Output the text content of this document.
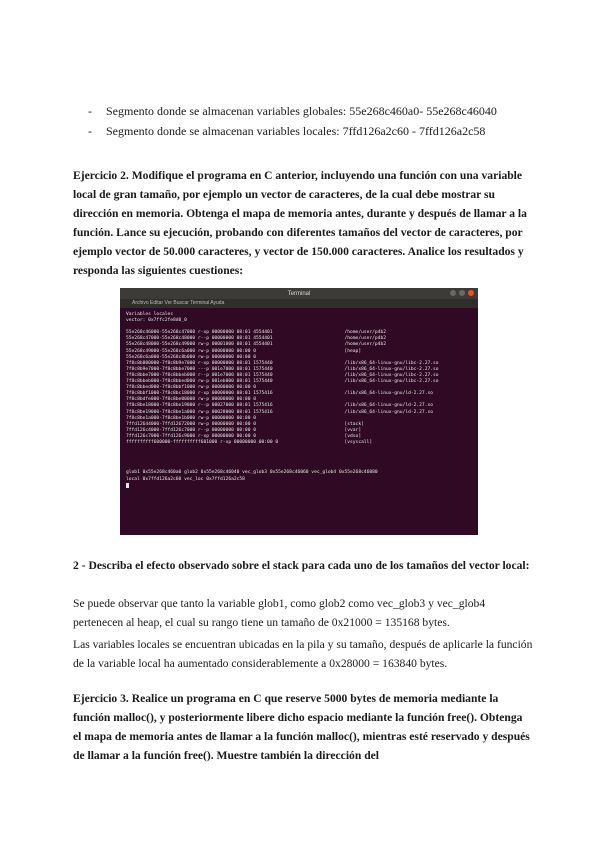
-	Segmento donde se almacenan variables globales: 55e268c460a0- 55e268c46040
-	Segmento donde se almacenan variables locales: 7ffd126a2c60 - 7ffd126a2c58
Ejercicio 2. Modifique el programa en C anterior, incluyendo una función con una variable local de gran tamaño, por ejemplo un vector de caracteres, de la cual debe mostrar su dirección en memoria. Obtenga el mapa de memoria antes, durante y después de llamar a la función. Lance su ejecución, probando con diferentes tamaños del vector de caracteres, por ejemplo vector de 50.000 caracteres, y vector de 150.000 caracteres. Analice los resultados y responda las siguientes cuestiones:
Terminal
Archivo Editar Ver Buscar Terminal Ayuda
Variables locales
vector: 0x7ffc2fe8d0_0

55e268c46000-55e268c47000 r-xp 00000000 08:01 4554401                          /home/user/p4b2
55e268c47000-55e268c48000 r--p 00000000 08:01 4554401                          /home/user/p4b2
55e268c48000-55e268c49000 rw-p 00001000 08:01 4554401                          /home/user/p4b2
55e268c49000-55e268c6a000 rw-p 00000000 00:00 0                                [heap]
55e268c6a000-55e268c8b000 rw-p 00000000 00:00 0
7f8c8b800000-7f8c8b9e7000 r-xp 00000000 08:01 1575440                          /lib/x86_64-linux-gnu/libc-2.27.so
7f8c8b9e7000-7f8c8bbe7000 ---p 001e7000 08:01 1575440                          /lib/x86_64-linux-gnu/libc-2.27.so
7f8c8bbe7000-7f8c8bbeb000 r--p 001e7000 08:01 1575440                          /lib/x86_64-linux-gnu/libc-2.27.so
7f8c8bbeb000-7f8c8bbed000 rw-p 001eb000 08:01 1575440                          /lib/x86_64-linux-gnu/libc-2.27.so
7f8c8bbed000-7f8c8bbf1000 rw-p 00000000 00:00 0
7f8c8bbf1000-7f8c8bc18000 r-xp 00000000 08:01 1575416                          /lib/x86_64-linux-gnu/ld-2.27.so
7f8c8bdfe000-7f8c8be00000 rw-p 00000000 00:00 0
7f8c8be18000-7f8c8be19000 r--p 00027000 08:01 1575416                          /lib/x86_64-linux-gnu/ld-2.27.so
7f8c8be19000-7f8c8be1a000 rw-p 00028000 08:01 1575416                          /lib/x86_64-linux-gnu/ld-2.27.so
7f8c8be1a000-7f8c8be1b000 rw-p 00000000 00:00 0
7ffd12644000-7ffd12672000 rw-p 00000000 00:00 0                                [stack]
7ffd126c4000-7ffd126c7000 r--p 00000000 00:00 0                                [vvar]
7ffd126c7000-7ffd126c9000 r-xp 00000000 00:00 0                                [vdso]
ffffffffff600000-ffffffffff601000 r-xp 00000000 00:00 0                        [vsyscall]

glob1 0x55e268c460a0 glob2 0x55e268c46040 vec_glob3 0x55e268c46060 vec_glob4 0x55e268c46080
local 0x7ffd126a2c60 vec_loc 0x7ffd126a2c58
2 - Describa el efecto observado sobre el stack para cada uno de los tamaños del vector local:
Se puede observar que tanto la variable glob1, como glob2 como vec_glob3 y vec_glob4 pertenecen al heap, el cual su rango tiene un tamaño de 0x21000 = 135168 bytes.
Las variables locales se encuentran ubicadas en la pila y su tamaño, después de aplicarle la función de la variable local ha aumentado considerablemente a 0x28000 = 163840 bytes.
Ejercicio 3. Realice un programa en C que reserve 5000 bytes de memoria mediante la función malloc(), y posteriormente libere dicho espacio mediante la función free(). Obtenga el mapa de memoria antes de llamar a la función malloc(), mientras esté reservado y después de llamar a la función free(). Muestre también la dirección del
